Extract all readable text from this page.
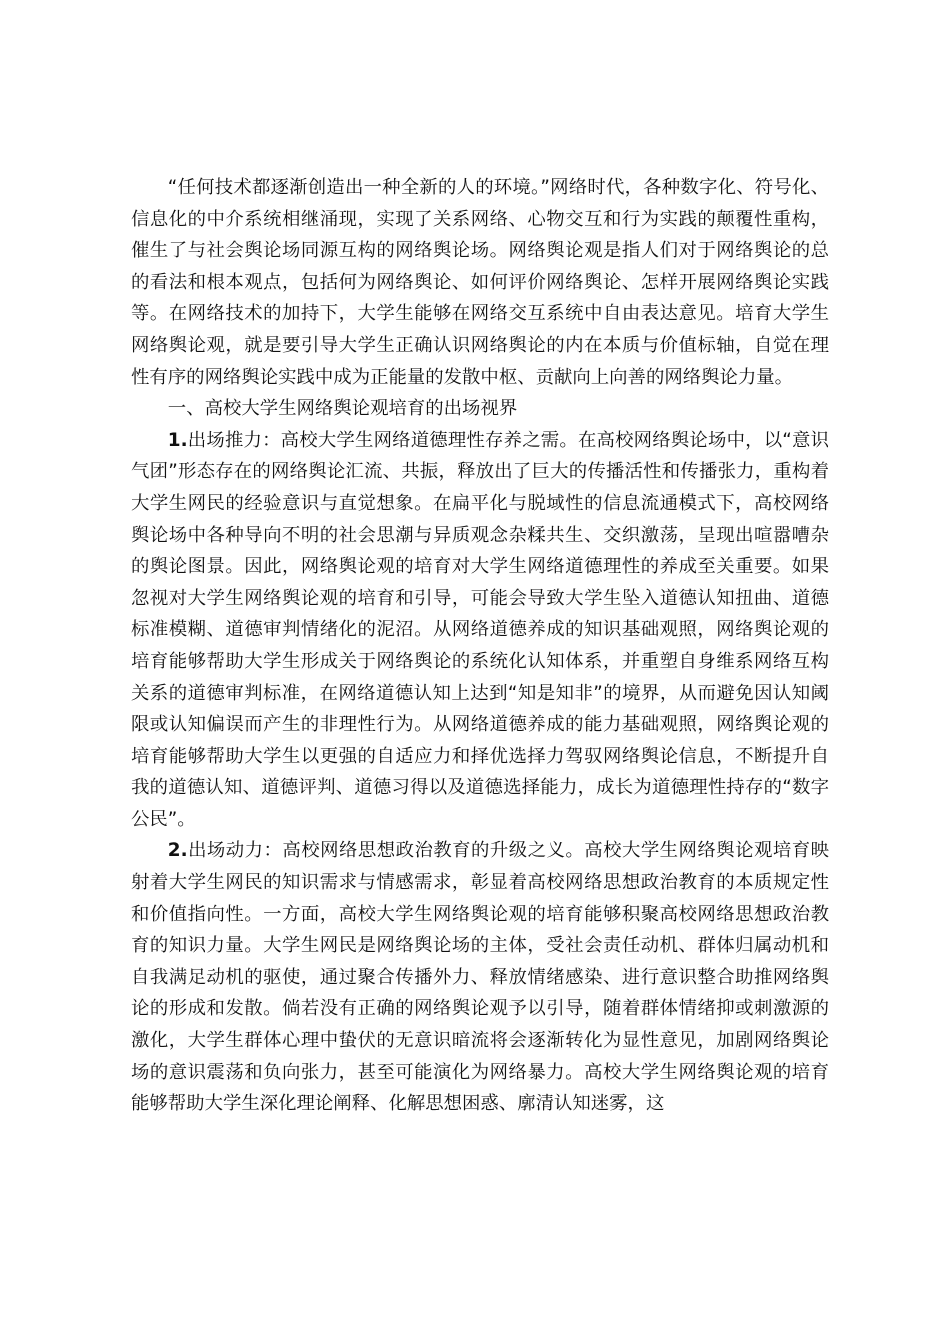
“任何技术都逐渐创造出一种全新的人的环境。”网络时代，各种数字化、符号化、信息化的中介系统相继涌现，实现了关系网络、心物交互和行为实践的颠覆性重构，催生了与社会舆论场同源互构的网络舆论场。网络舆论观是指人们对于网络舆论的总的看法和根本观点，包括何为网络舆论、如何评价网络舆论、怎样开展网络舆论实践等。在网络技术的加持下，大学生能够在网络交互系统中自由表达意见。培育大学生网络舆论观，就是要引导大学生正确认识网络舆论的内在本质与价值标轴，自觉在理性有序的网络舆论实践中成为正能量的发散中枢、贡献向上向善的网络舆论力量。

一、高校大学生网络舆论观培育的出场视界

1.出场推力：高校大学生网络道德理性存养之需。在高校网络舆论场中，以“意识气团”形态存在的网络舆论汇流、共振，释放出了巨大的传播活性和传播张力，重构着大学生网民的经验意识与直觉想象。在扁平化与脱域性的信息流通模式下，高校网络舆论场中各种导向不明的社会思潮与异质观念杂糅共生、交织激荡，呈现出喧嚣嘈杂的舆论图景。因此，网络舆论观的培育对大学生网络道德理性的养成至关重要。如果忽视对大学生网络舆论观的培育和引导，可能会导致大学生坠入道德认知扭曲、道德标准模糊、道德审判情绪化的泥沼。从网络道德养成的知识基础观照，网络舆论观的培育能够帮助大学生形成关于网络舆论的系统化认知体系，并重塑自身维系网络互构关系的道德审判标准，在网络道德认知上达到“知是知非”的境界，从而避免因认知阈限或认知偏误而产生的非理性行为。从网络道德养成的能力基础观照，网络舆论观的培育能够帮助大学生以更强的自适应力和择优选择力驾驭网络舆论信息，不断提升自我的道德认知、道德评判、道德习得以及道德选择能力，成长为道德理性持存的“数字公民”。

2.出场动力：高校网络思想政治教育的升级之义。高校大学生网络舆论观培育映射着大学生网民的知识需求与情感需求，彰显着高校网络思想政治教育的本质规定性和价值指向性。一方面，高校大学生网络舆论观的培育能够积聚高校网络思想政治教育的知识力量。大学生网民是网络舆论场的主体，受社会责任动机、群体归属动机和自我满足动机的驱使，通过聚合传播外力、释放情绪感染、进行意识整合助推网络舆论的形成和发散。倘若没有正确的网络舆论观予以引导，随着群体情绪抑或刺激源的激化，大学生群体心理中蛰伏的无意识暗流将会逐渐转化为显性意见，加剧网络舆论场的意识震荡和负向张力，甚至可能演化为网络暴力。高校大学生网络舆论观的培育能够帮助大学生深化理论阐释、化解思想困惑、廓清认知迷雾，这
